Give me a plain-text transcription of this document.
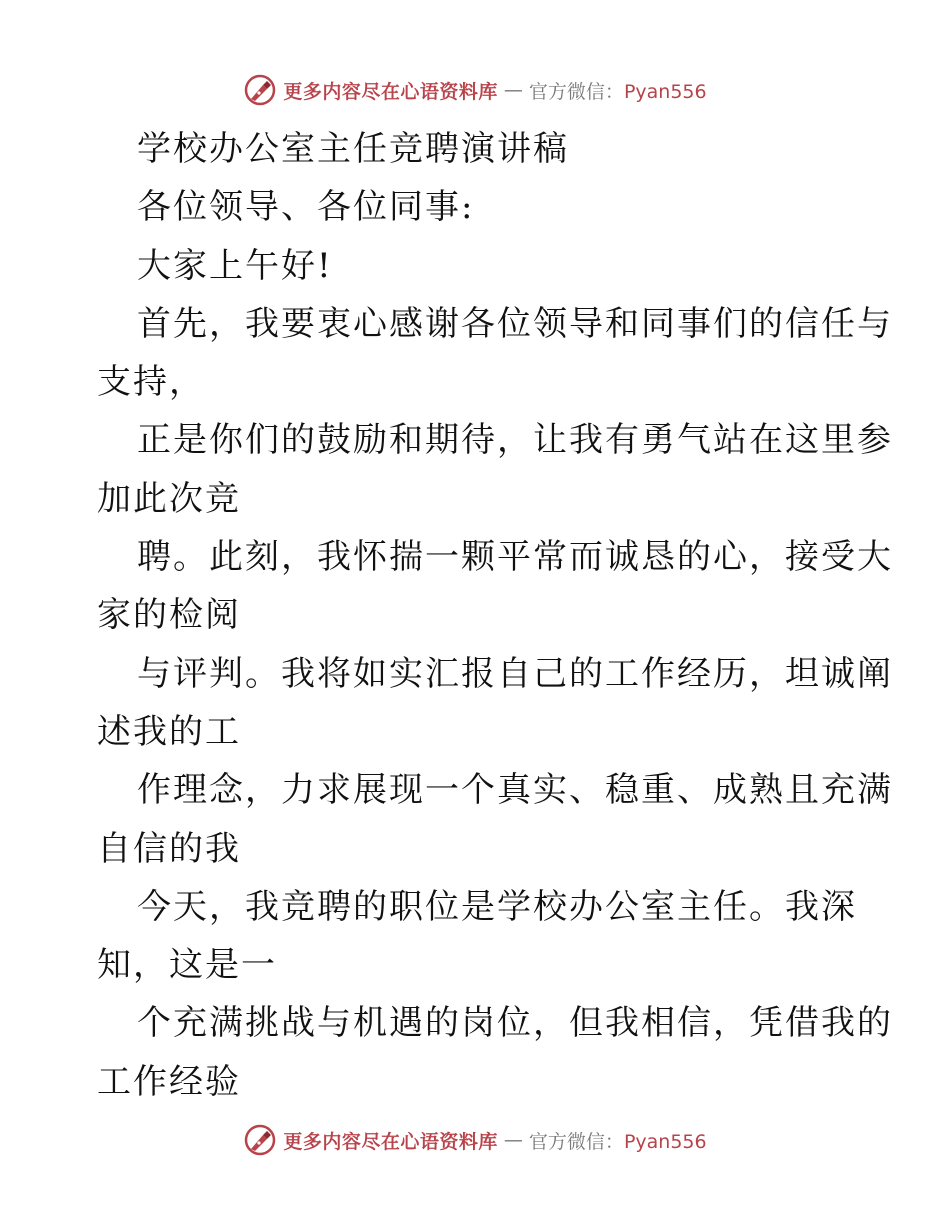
更多内容尽在心语资料库 — 官方微信：Pyan556
学校办公室主任竞聘演讲稿
各位领导、各位同事:
大家上午好!
首先，我要衷心感谢各位领导和同事们的信任与
支持，
正是你们的鼓励和期待，让我有勇气站在这里参
加此次竞
聘。此刻，我怀揣一颗平常而诚恳的心，接受大
家的检阅
与评判。我将如实汇报自己的工作经历，坦诚阐
述我的工
作理念，力求展现一个真实、稳重、成熟且充满
自信的我
今天，我竞聘的职位是学校办公室主任。我深
知，这是一
个充满挑战与机遇的岗位，但我相信，凭借我的
工作经验
更多内容尽在心语资料库 — 官方微信：Pyan556
